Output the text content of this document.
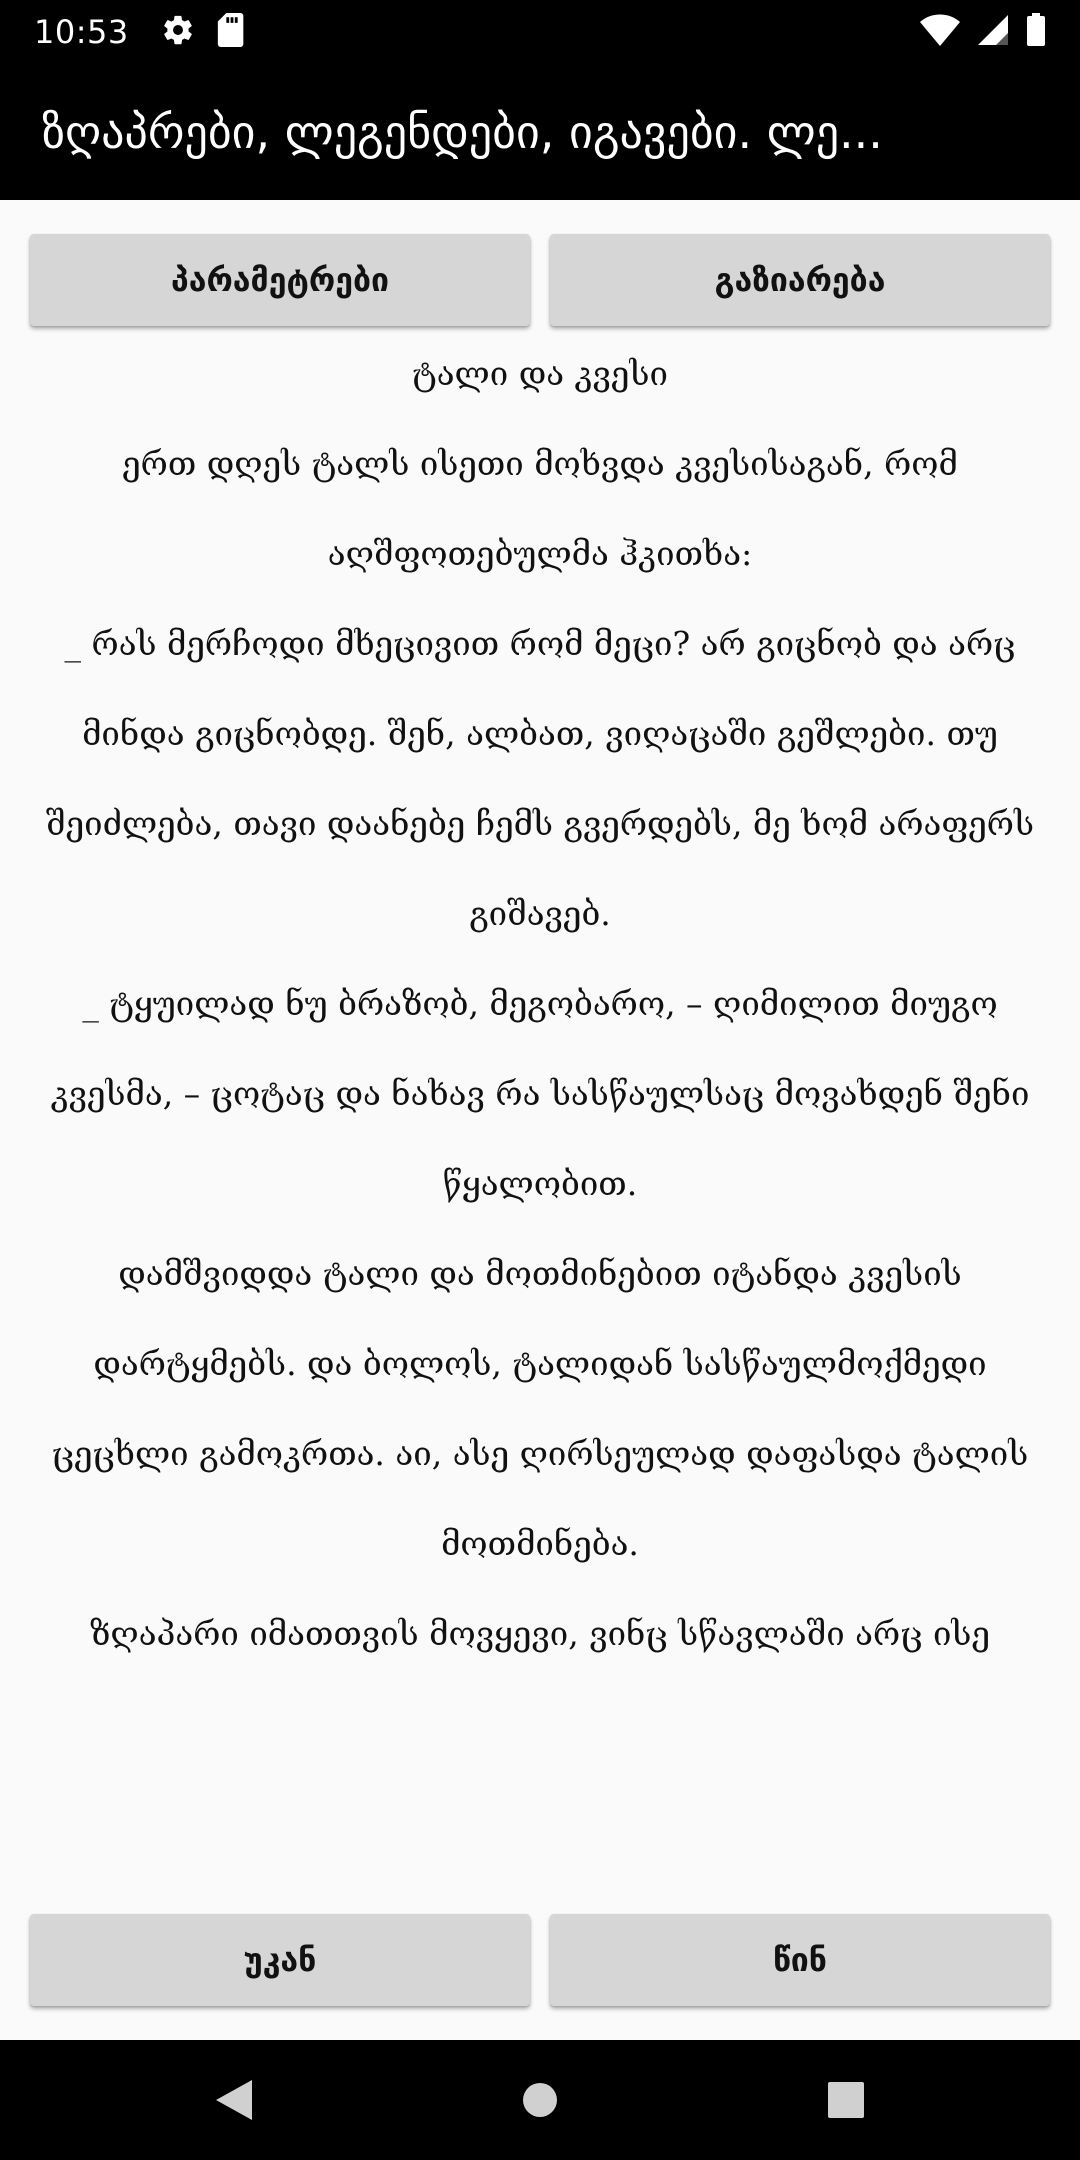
10:53
ზღაპრები, ლეგენდები, იგავები. ლე...
პარამეტრები	გაზიარება

ტალი და კვესი

ერთ დღეს ტალს ისეთი მოხვდა კვესისაგან, რომ

აღშფოთებულმა ჰკითხა:

_ რას მერჩოდი მხეცივით რომ მეცი? არ გიცნობ და არც

მინდა გიცნობდე. შენ, ალბათ, ვიღაცაში გეშლები. თუ

შეიძლება, თავი დაანებე ჩემს გვერდებს, მე ხომ არაფერს

გიშავებ.

_ ტყუილად ნუ ბრაზობ, მეგობარო, – ღიმილით მიუგო

კვესმა, – ცოტაც და ნახავ რა სასწაულსაც მოვახდენ შენი

წყალობით.

დამშვიდდა ტალი და მოთმინებით იტანდა კვესის

დარტყმებს. და ბოლოს, ტალიდან სასწაულმოქმედი

ცეცხლი გამოკრთა. აი, ასე ღირსეულად დაფასდა ტალის

მოთმინება.

ზღაპარი იმათთვის მოვყევი, ვინც სწავლაში არც ისე

უკან	წინ
